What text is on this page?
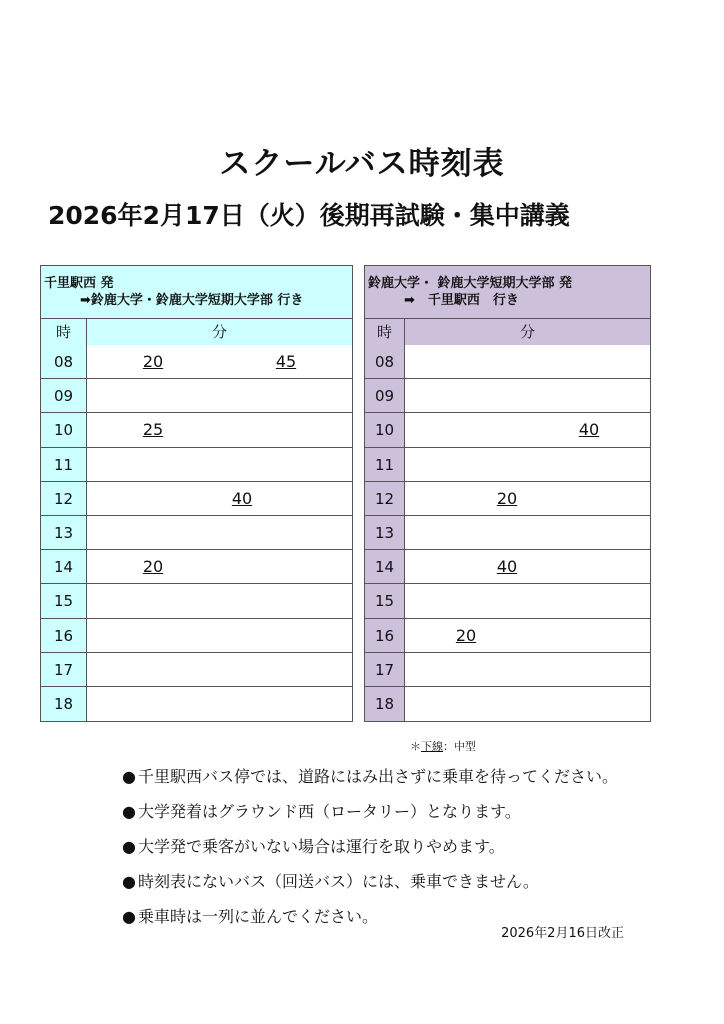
スクールバス時刻表
2026年2月17日（火）後期再試験・集中講義
千里駅西 発
➡鈴鹿大学・鈴鹿大学短期大学部 行き
時	分
08	20	45
09
10	25
11
12	40
13
14	20
15
16
17
18
鈴鹿大学・ 鈴鹿大学短期大学部 発
➡　千里駅西　行き
時	分
08
09
10	40
11
12	20
13
14	40
15
16	20
17
18
＊下線：中型
● 千里駅西バス停では、道路にはみ出さずに乗車を待ってください。
● 大学発着はグラウンド西（ロータリー）となります。
● 大学発で乗客がいない場合は運行を取りやめます。
● 時刻表にないバス（回送バス）には、乗車できません。
● 乗車時は一列に並んでください。
2026年2月16日改正
